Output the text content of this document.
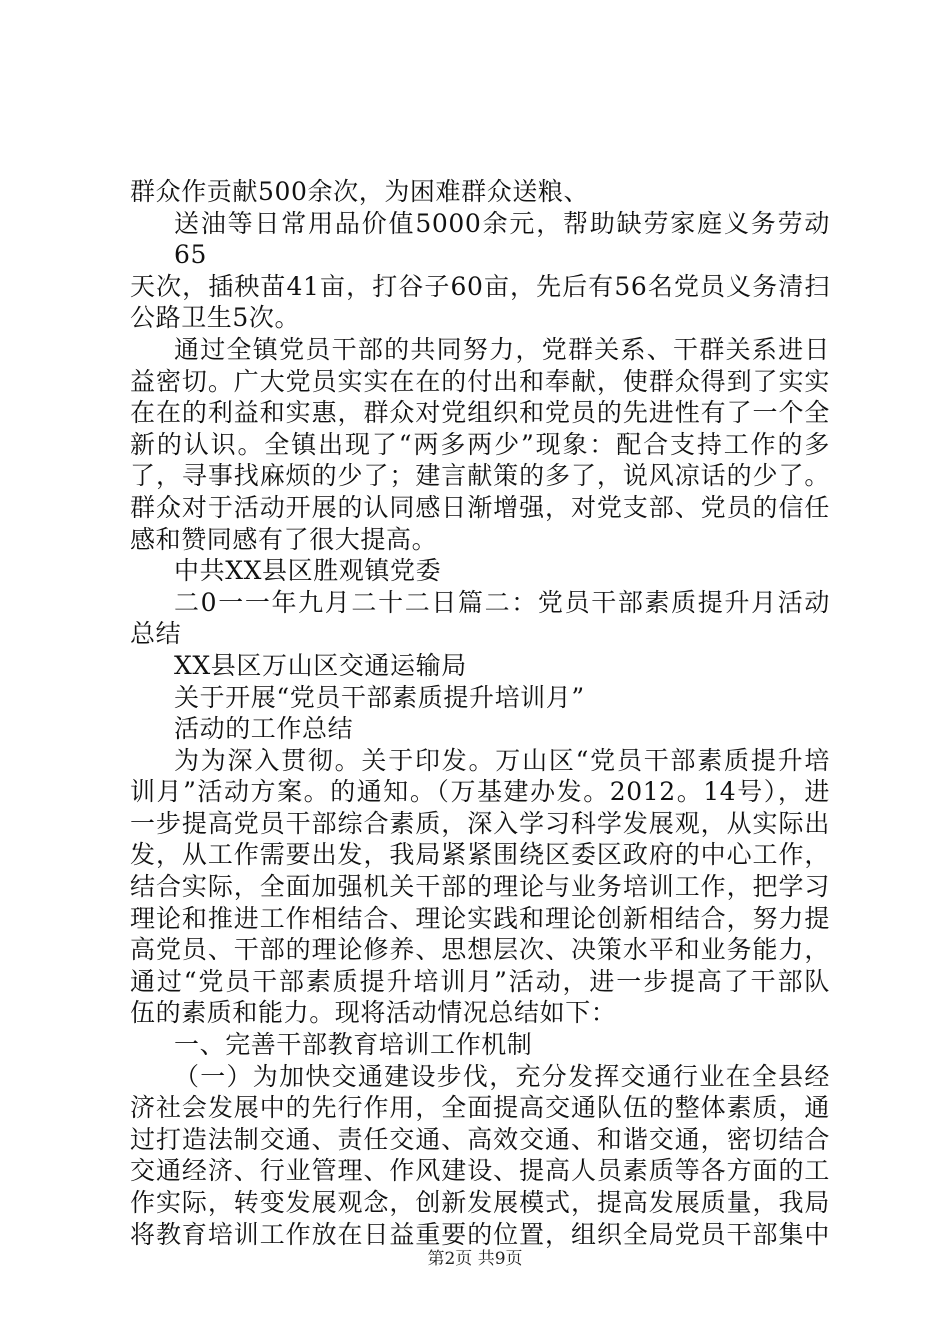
群众作贡献500余次，为困难群众送粮、
送油等日常用品价值5000余元，帮助缺劳家庭义务劳动65
天次，插秧苗41亩，打谷子60亩，先后有56名党员义务清扫
公路卫生5次。
通过全镇党员干部的共同努力，党群关系、干群关系进日
益密切。广大党员实实在在的付出和奉献，使群众得到了实实
在在的利益和实惠，群众对党组织和党员的先进性有了一个全
新的认识。全镇出现了“两多两少”现象：配合支持工作的多
了，寻事找麻烦的少了；建言献策的多了，说风凉话的少了。
群众对于活动开展的认同感日渐增强，对党支部、党员的信任
感和赞同感有了很大提高。
中共XX县区胜观镇党委
二0一一年九月二十二日篇二：党员干部素质提升月活动
总结
XX县区万山区交通运输局
关于开展“党员干部素质提升培训月”
活动的工作总结
为为深入贯彻。关于印发。万山区“党员干部素质提升培
训月”活动方案。的通知。（万基建办发。2012。14号），进
一步提高党员干部综合素质，深入学习科学发展观，从实际出
发，从工作需要出发，我局紧紧围绕区委区政府的中心工作，
结合实际，全面加强机关干部的理论与业务培训工作，把学习
理论和推进工作相结合、理论实践和理论创新相结合，努力提
高党员、干部的理论修养、思想层次、决策水平和业务能力，
通过“党员干部素质提升培训月”活动，进一步提高了干部队
伍的素质和能力。现将活动情况总结如下：
一、完善干部教育培训工作机制
（一）为加快交通建设步伐，充分发挥交通行业在全县经
济社会发展中的先行作用，全面提高交通队伍的整体素质，通
过打造法制交通、责任交通、高效交通、和谐交通，密切结合
交通经济、行业管理、作风建设、提高人员素质等各方面的工
作实际，转变发展观念，创新发展模式，提高发展质量，我局
将教育培训工作放在日益重要的位置，组织全局党员干部集中
第2页 共9页
